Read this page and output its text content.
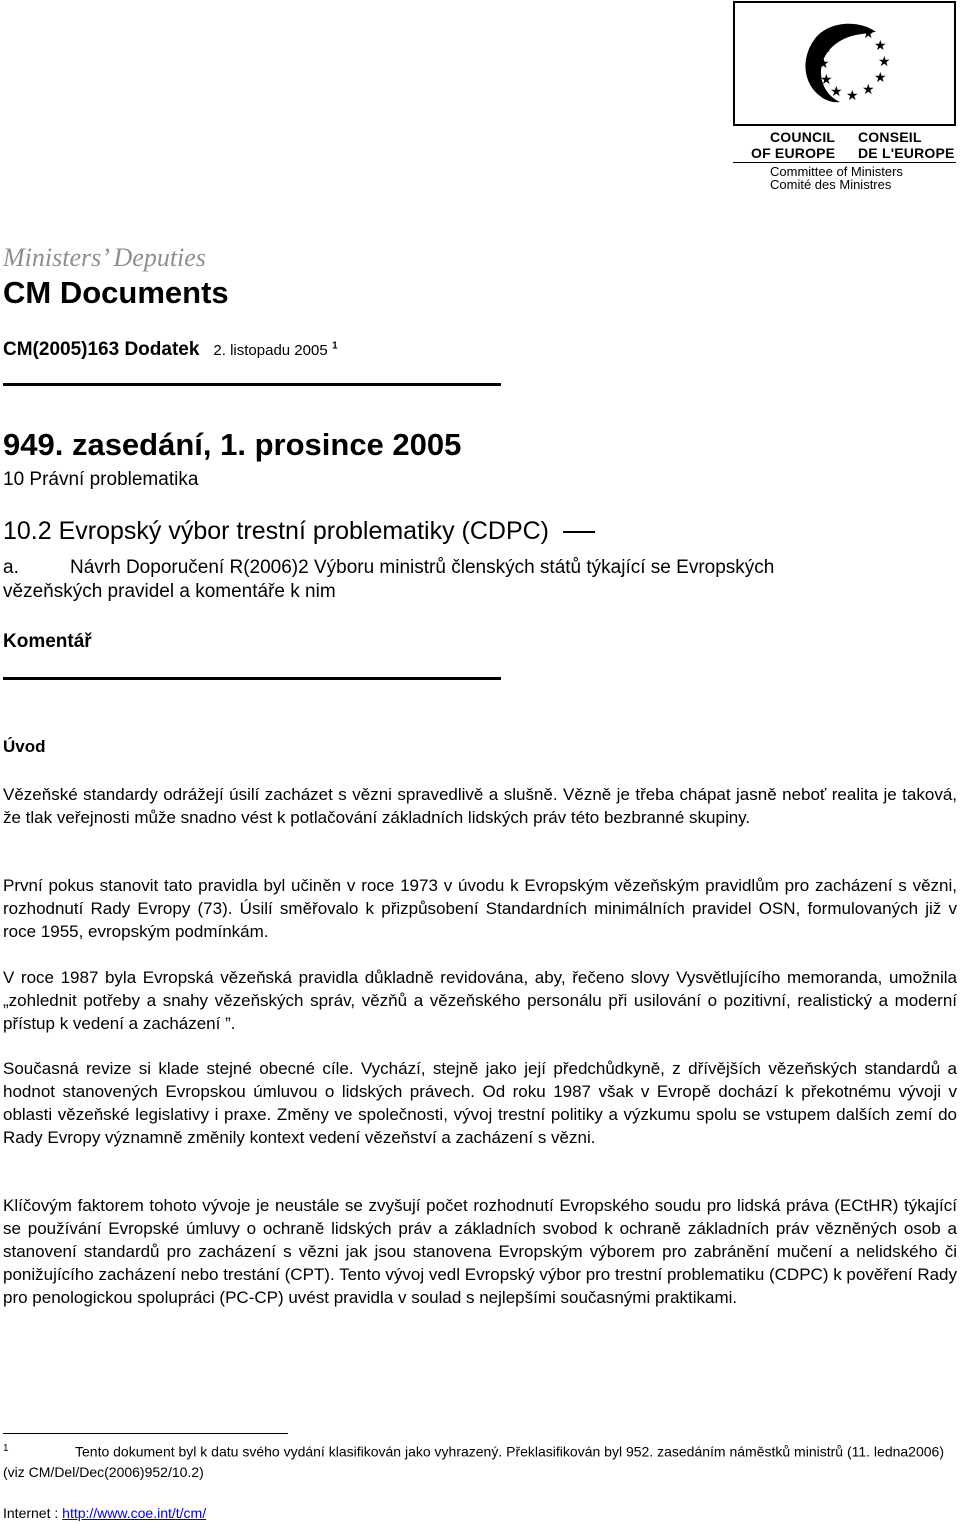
★ ★ ★
★
★
★
★
★
★
★
★
★
COUNCIL
OF EUROPE
CONSEIL
DE L'EUROPE
Committee of Ministers
Comité des Ministres
Ministers’ Deputies
CM Documents
CM(2005)163 Dodatek 2. listopadu 2005 $^1$
949. zasedání, 1. prosince 2005
10 Právní problematika
10.2 Evropský výbor trestní problematiky (CDPC)
a.	Návrh Doporučení R(2006)2 Výboru ministrů členských států týkající se Evropských
vězeňských pravidel a komentáře k nim
Komentář
Úvod
Vězeňské standardy odrážejí úsilí zacházet s vězni spravedlivě a slušně. Vězně je třeba chápat jasně neboť realita je taková, že tlak veřejnosti může snadno vést k potlačování základních lidských práv této bezbranné skupiny.
První pokus stanovit tato pravidla byl učiněn v roce 1973 v úvodu k Evropským vězeňským pravidlům pro zacházení s vězni, rozhodnutí Rady Evropy (73). Úsilí směřovalo k přizpůsobení Standardních minimálních pravidel OSN, formulovaných již v roce 1955, evropským podmínkám.
V roce 1987 byla Evropská vězeňská pravidla důkladně revidována, aby, řečeno slovy Vysvětlujícího memoranda, umožnila „zohlednit potřeby a snahy vězeňských správ, vězňů a vězeňského personálu při usilování o pozitivní, realistický a moderní přístup k vedení a zacházení ”.
Současná revize si klade stejné obecné cíle. Vychází, stejně jako její předchůdkyně, z dřívějších vězeňských standardů a hodnot stanovených Evropskou úmluvou o lidských právech. Od roku 1987 však v Evropě dochází k překotnému vývoji v oblasti vězeňské legislativy i praxe. Změny ve společnosti, vývoj trestní politiky a výzkumu spolu se vstupem dalších zemí do Rady Evropy významně změnily kontext vedení vězeňství a zacházení s vězni.
Klíčovým faktorem tohoto vývoje je neustále se zvyšují počet rozhodnutí Evropského soudu pro lidská práva (ECtHR) týkající se používání Evropské úmluvy o ochraně lidských práv a základních svobod k ochraně základních práv vězněných osob a stanovení standardů pro zacházení s vězni jak jsou stanovena Evropským výborem pro zabránění mučení a nelidského či ponižujícího zacházení nebo trestání (CPT). Tento vývoj vedl Evropský výbor pro trestní problematiku (CDPC) k pověření Rady pro penologickou spolupráci (PC-CP) uvést pravidla v soulad s nejlepšími současnými praktikami.
1	Tento dokument byl k datu svého vydání klasifikován jako vyhrazený. Překlasifikován byl 952. zasedáním náměstků ministrů (11. ledna2006) (viz CM/Del/Dec(2006)952/10.2)
Internet : http://www.coe.int/t/cm/
